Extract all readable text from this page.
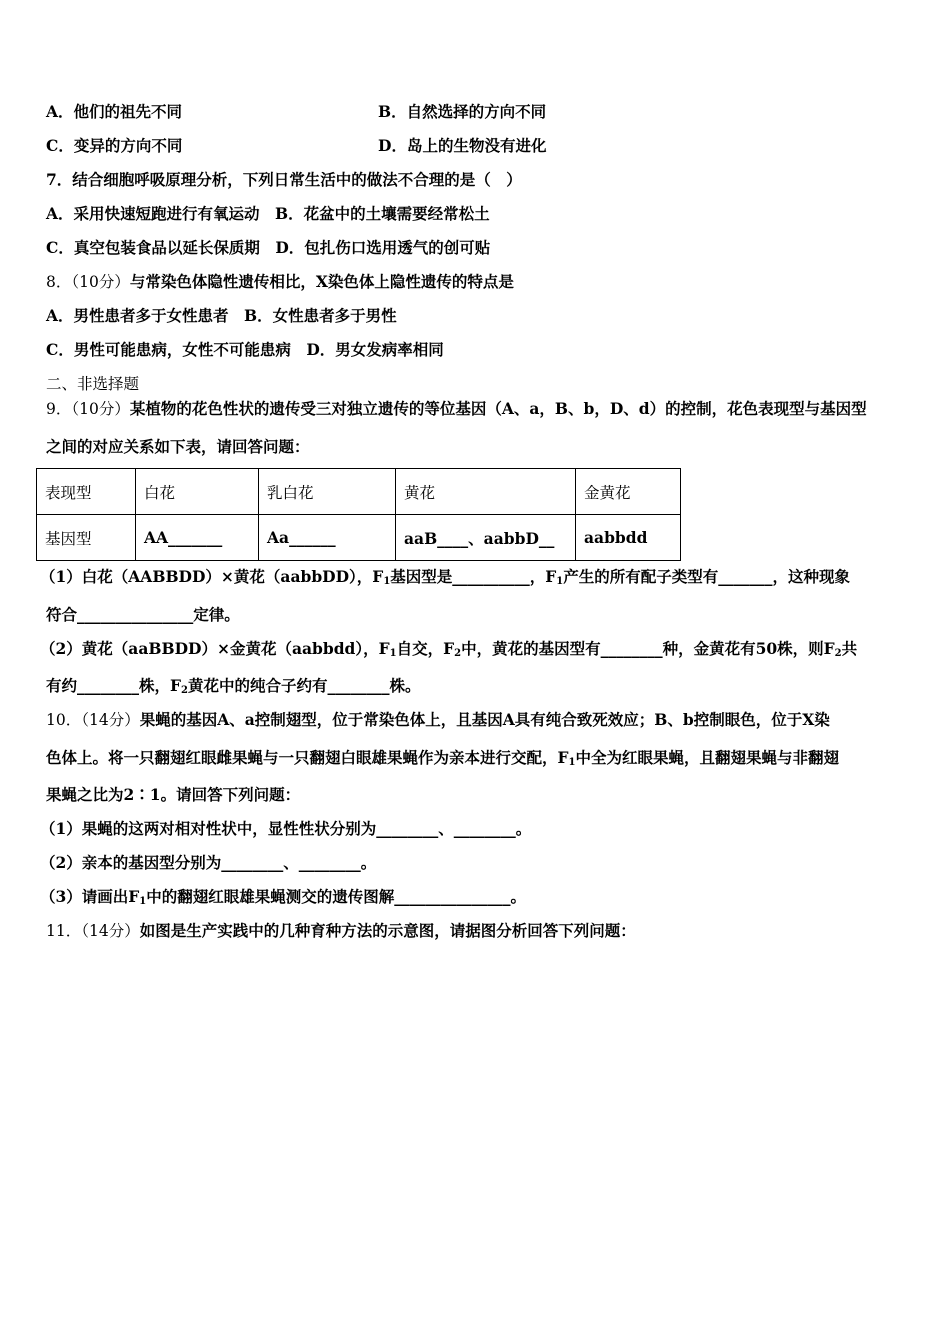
A．他们的祖先不同	B．自然选择的方向不同
C．变异的方向不同	D．岛上的生物没有进化
7．结合细胞呼吸原理分析，下列日常生活中的做法不合理的是（　）
A．采用快速短跑进行有氧运动　B．花盆中的土壤需要经常松土
C．真空包装食品以延长保质期　D．包扎伤口选用透气的创可贴
8．（10分）与常染色体隐性遗传相比，X染色体上隐性遗传的特点是
A．男性患者多于女性患者　B．女性患者多于男性
C．男性可能患病，女性不可能患病　D．男女发病率相同
二、非选择题
9．（10分）某植物的花色性状的遗传受三对独立遗传的等位基因（A、a，B、b，D、d）的控制，花色表现型与基因型
之间的对应关系如下表，请回答问题：
表现型	白花	乳白花	黄花	金黄花
基因型	AA_______	Aa______	aaB____、aabbD__	aabbdd
（1）白花（AABBDD）×黄花（aabbDD），$F_1$基因型是__________，$F_1$产生的所有配子类型有_______，这种现象
符合_______________定律。
（2）黄花（aaBBDD）×金黄花（aabbdd），$F_1$自交，$F_2$中，黄花的基因型有________种，金黄花有50株，则$F_2$共
有约________株，$F_2$黄花中的纯合子约有________株。
10．（14分）果蝇的基因A、a控制翅型，位于常染色体上，且基因A具有纯合致死效应；B、b控制眼色，位于X染
色体上。将一只翻翅红眼雌果蝇与一只翻翅白眼雄果蝇作为亲本进行交配，$F_1$中全为红眼果蝇，且翻翅果蝇与非翻翅
果蝇之比为2∶1。请回答下列问题：
（1）果蝇的这两对相对性状中，显性性状分别为________、________。
（2）亲本的基因型分别为________、________。
（3）请画出$F_1$中的翻翅红眼雄果蝇测交的遗传图解_______________。
11．（14分）如图是生产实践中的几种育种方法的示意图，请据图分析回答下列问题：
